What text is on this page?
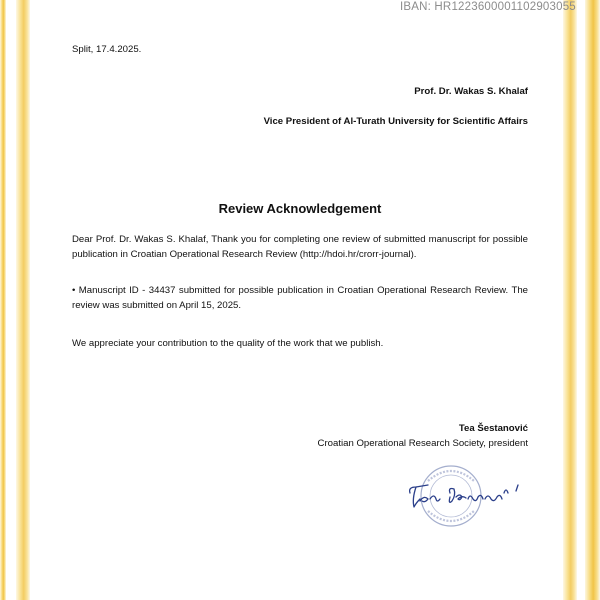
IBAN: HR1223600001102903055
Split, 17.4.2025.
Prof. Dr. Wakas S. Khalaf
Vice President of Al-Turath University for Scientific Affairs
Review Acknowledgement
Dear Prof. Dr. Wakas S. Khalaf, Thank you for completing one review of submitted manuscript for possible publication in Croatian Operational Research Review (http://hdoi.hr/crorr-journal).
• Manuscript ID - 34437 submitted for possible publication in Croatian Operational Research Review. The review was submitted on April 15, 2025.
We appreciate your contribution to the quality of the work that we publish.
Tea Šestanović
Croatian Operational Research Society, president
